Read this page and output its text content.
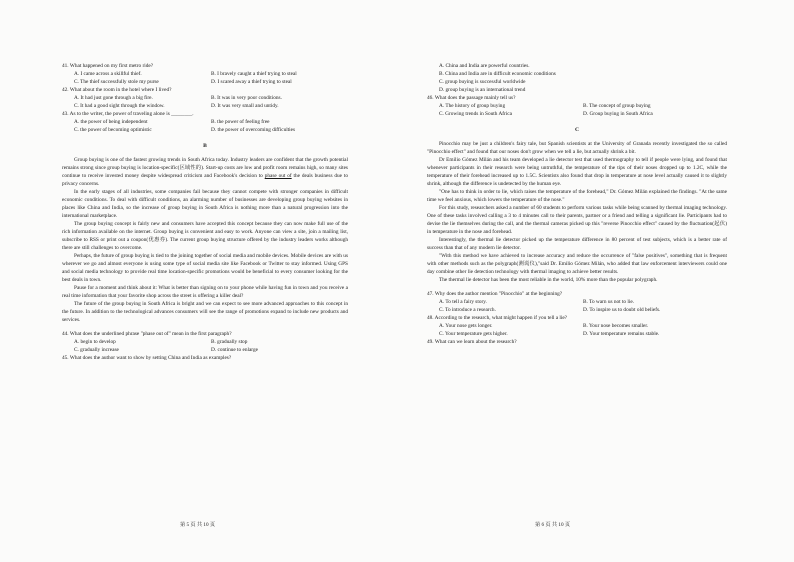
41. What happened on my first metro ride?

A. I came across a skillful thief.	B. I bravely caught a thief trying to steal
C. The thief successfully stole my purse	D. I scared away a thief trying to steal

42. What about the room in the hotel where I lived?

A. It had just gone through a big fire.	B. It was in very poor conditions.
C. It had a good sight through the window.	D. It was very small and untidy.

43. As to the writer, the power of traveling alone is ________.

A. the power of being independent	B. the power of feeling free
C. the power of becoming optimistic	D. the power of overcoming difficulties
B

Group buying is one of the fastest growing trends in South Africa today. Industry leaders are confident that the growth potential remains strong since group buying is location-specific(区域性的). Start-up costs are low and profit room remains high, so many sites continue to receive invested money despite widespread criticism and Facebook's decision to phase out of the deals business due to privacy concerns.

In the early stages of all industries, some companies fail because they cannot compete with stronger companies in difficult economic conditions. To deal with difficult conditions, an alarming number of businesses are developing group buying websites in places like China and India, so the increase of group buying in South Africa is nothing more than a natural progression into the international marketplace.

The group buying concept is fairly new and consumers have accepted this concept because they can now make full use of the rich information available on the internet. Group buying is convenient and easy to work. Anyone can view a site, join a mailing list, subscribe to RSS or print out a coupon(优惠券). The current group buying structure offered by the industry leaders works although there are still challenges to overcome.

Perhaps, the future of group buying is tied to the joining together of social media and mobile devices. Mobile devices are with us wherever we go and almost everyone is using some type of social media site like Facebook or Twitter to stay informed. Using GPS and social media technology to provide real time location-specific promotions would be beneficial to every consumer looking for the best deals in town.

Pause for a moment and think about it: What is better than signing on to your phone while having fun in town and you receive a real time information that your favorite shop across the street is offering a killer deal?

The future of the group buying in South Africa is bright and we can expect to see more advanced approaches to this concept in the future. In addition to the technological advances consumers will see the range of promotions expand to include new products and services.

44. What does the underlined phrase "phase out of" mean in the first paragraph?

A. begin to develop	B. gradually stop
C. gradually increase	D. continue to enlarge

45. What does the author want to show by setting China and India as examples?

第 5 页 共 10 页
A. China and India are powerful countries.
B. China and India are in difficult economic conditions
C. group buying is successful worldwide
D. group buying is an international trend

46. What does the passage mainly tell us?

A. The history of group buying	B. The concept of group buying
C. Growing trends in South Africa	D. Group buying in South Africa
C

Pinocchio may be just a children's fairy tale, but Spanish scientists at the University of Granada recently investigated the so called "Pinocchio effect" and found that our noses don't grow when we tell a lie, but actually shrink a bit.

Dr Emilio Gómez Milán and his team developed a lie detector test that used thermography to tell if people were lying, and found that whenever participants in their research were being untruthful, the temperature of the tips of their noses dropped up to 1.2C, while the temperature of their forehead increased up to 1.5C. Scientists also found that drop in temperature at nose level actually caused it to slightly shrink, although the difference is undetected by the human eye.

"One has to think in order to lie, which raises the temperature of the forehead," Dr. Gómez Milán explained the findings. "At the same time we feel anxious, which lowers the temperature of the nose."

For this study, researchers asked a number of 60 students to perform various tasks while being scanned by thermal imaging technology. One of these tasks involved calling a 3 to 4 minutes call to their parents, partner or a friend and telling a significant lie. Participants had to devise the lie themselves during the call, and the thermal cameras picked up this "reverse Pinocchio effect" caused by the fluctuation(起伏) in temperature in the nose and forehead.

Interestingly, the thermal lie detector picked up the temperature difference in 80 percent of test subjects, which is a better rate of success than that of any modern lie detector.

"With this method we have achieved to increase accuracy and reduce the occurrence of "false positives", something that is frequent with other methods such as the polygraph(测谎仪),"said Dr. Emilio Gómez Milán, who added that law enforcement interviewers could one day combine other lie detection technology with thermal imaging to achieve better results.

The thermal lie detector has been the most reliable in the world, 10% more than the popular polygraph.

47. Why does the author mention "Pinocchio" at the beginning?

A. To tell a fairy story.	B. To warn us not to lie.
C. To introduce a research.	D. To inspire us to doubt old beliefs.

48. According to the research, what might happen if you tell a lie?

A. Your nose gets longer.	B. Your nose becomes smaller.
C. Your temperature gets higher.	D. Your temperature remains stable.

49. What can we learn about the research?

第 6 页 共 10 页
